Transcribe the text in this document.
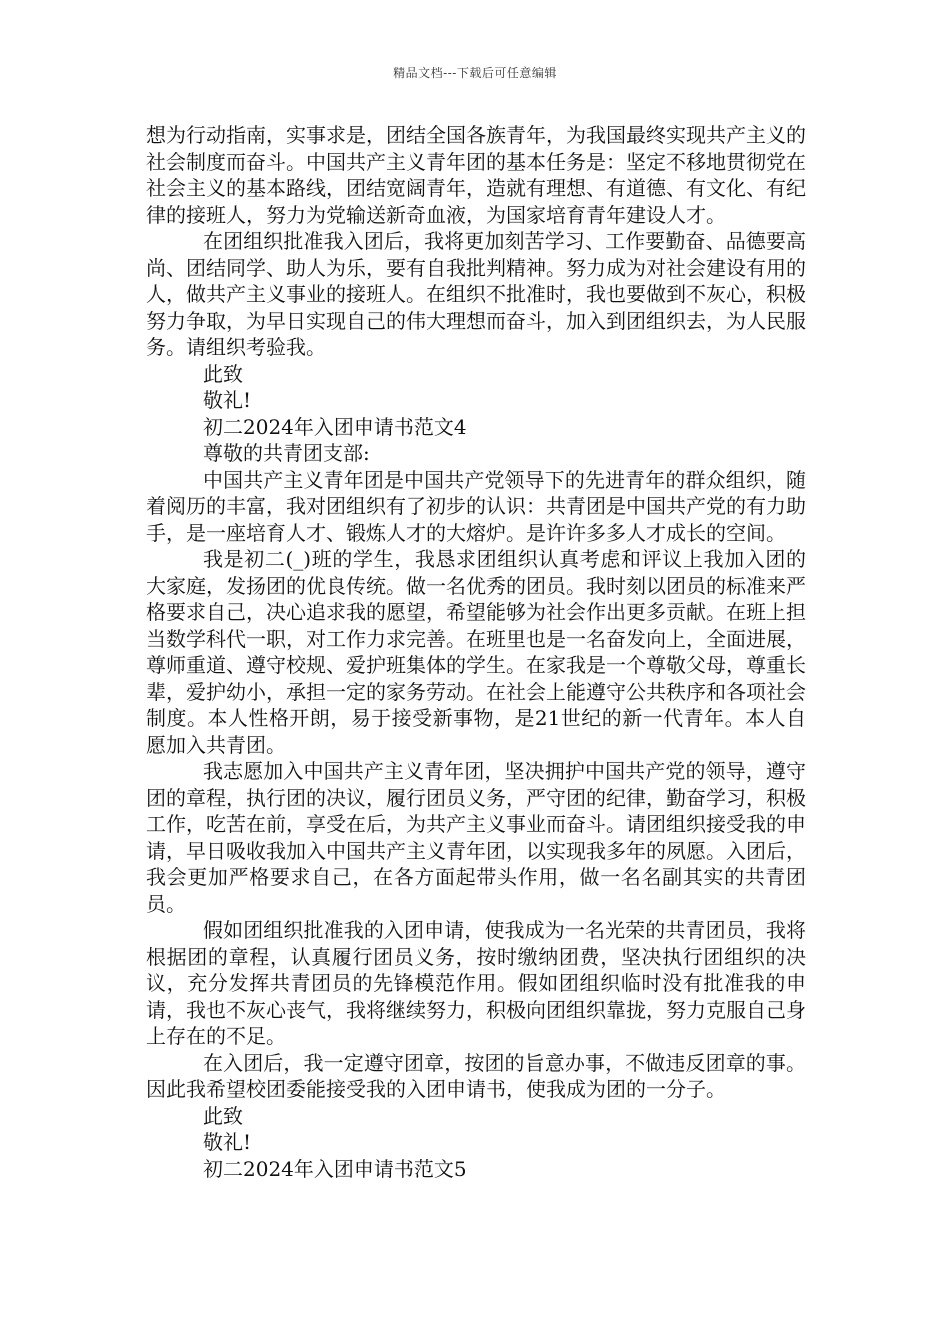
精品文档---下载后可任意编辑

想为行动指南，实事求是，团结全国各族青年，为我国最终实现共产主义的社会制度而奋斗。中国共产主义青年团的基本任务是：坚定不移地贯彻党在社会主义的基本路线，团结宽阔青年，造就有理想、有道德、有文化、有纪律的接班人，努力为党输送新奇血液，为国家培育青年建设人才。

在团组织批准我入团后，我将更加刻苦学习、工作要勤奋、品德要高尚、团结同学、助人为乐，要有自我批判精神。努力成为对社会建设有用的人，做共产主义事业的接班人。在组织不批准时，我也要做到不灰心，积极努力争取，为早日实现自己的伟大理想而奋斗，加入到团组织去，为人民服务。请组织考验我。

此致

敬礼!

初二2024年入团申请书范文4

尊敬的共青团支部:

中国共产主义青年团是中国共产党领导下的先进青年的群众组织，随着阅历的丰富，我对团组织有了初步的认识：共青团是中国共产党的有力助手，是一座培育人才、锻炼人才的大熔炉。是许许多多人才成长的空间。

我是初二(_)班的学生，我恳求团组织认真考虑和评议上我加入团的大家庭，发扬团的优良传统。做一名优秀的团员。我时刻以团员的标准来严格要求自己，决心追求我的愿望，希望能够为社会作出更多贡献。在班上担当数学科代一职，对工作力求完善。在班里也是一名奋发向上，全面进展，尊师重道、遵守校规、爱护班集体的学生。在家我是一个尊敬父母，尊重长辈，爱护幼小，承担一定的家务劳动。在社会上能遵守公共秩序和各项社会制度。本人性格开朗，易于接受新事物，是21世纪的新一代青年。本人自愿加入共青团。

我志愿加入中国共产主义青年团，坚决拥护中国共产党的领导，遵守团的章程，执行团的决议，履行团员义务，严守团的纪律，勤奋学习，积极工作，吃苦在前，享受在后，为共产主义事业而奋斗。请团组织接受我的申请，早日吸收我加入中国共产主义青年团，以实现我多年的夙愿。入团后，我会更加严格要求自己，在各方面起带头作用，做一名名副其实的共青团员。

假如团组织批准我的入团申请，使我成为一名光荣的共青团员，我将根据团的章程，认真履行团员义务，按时缴纳团费，坚决执行团组织的决议，充分发挥共青团员的先锋模范作用。假如团组织临时没有批准我的申请，我也不灰心丧气，我将继续努力，积极向团组织靠拢，努力克服自己身上存在的不足。

在入团后，我一定遵守团章，按团的旨意办事，不做违反团章的事。因此我希望校团委能接受我的入团申请书，使我成为团的一分子。

此致

敬礼!

初二2024年入团申请书范文5
